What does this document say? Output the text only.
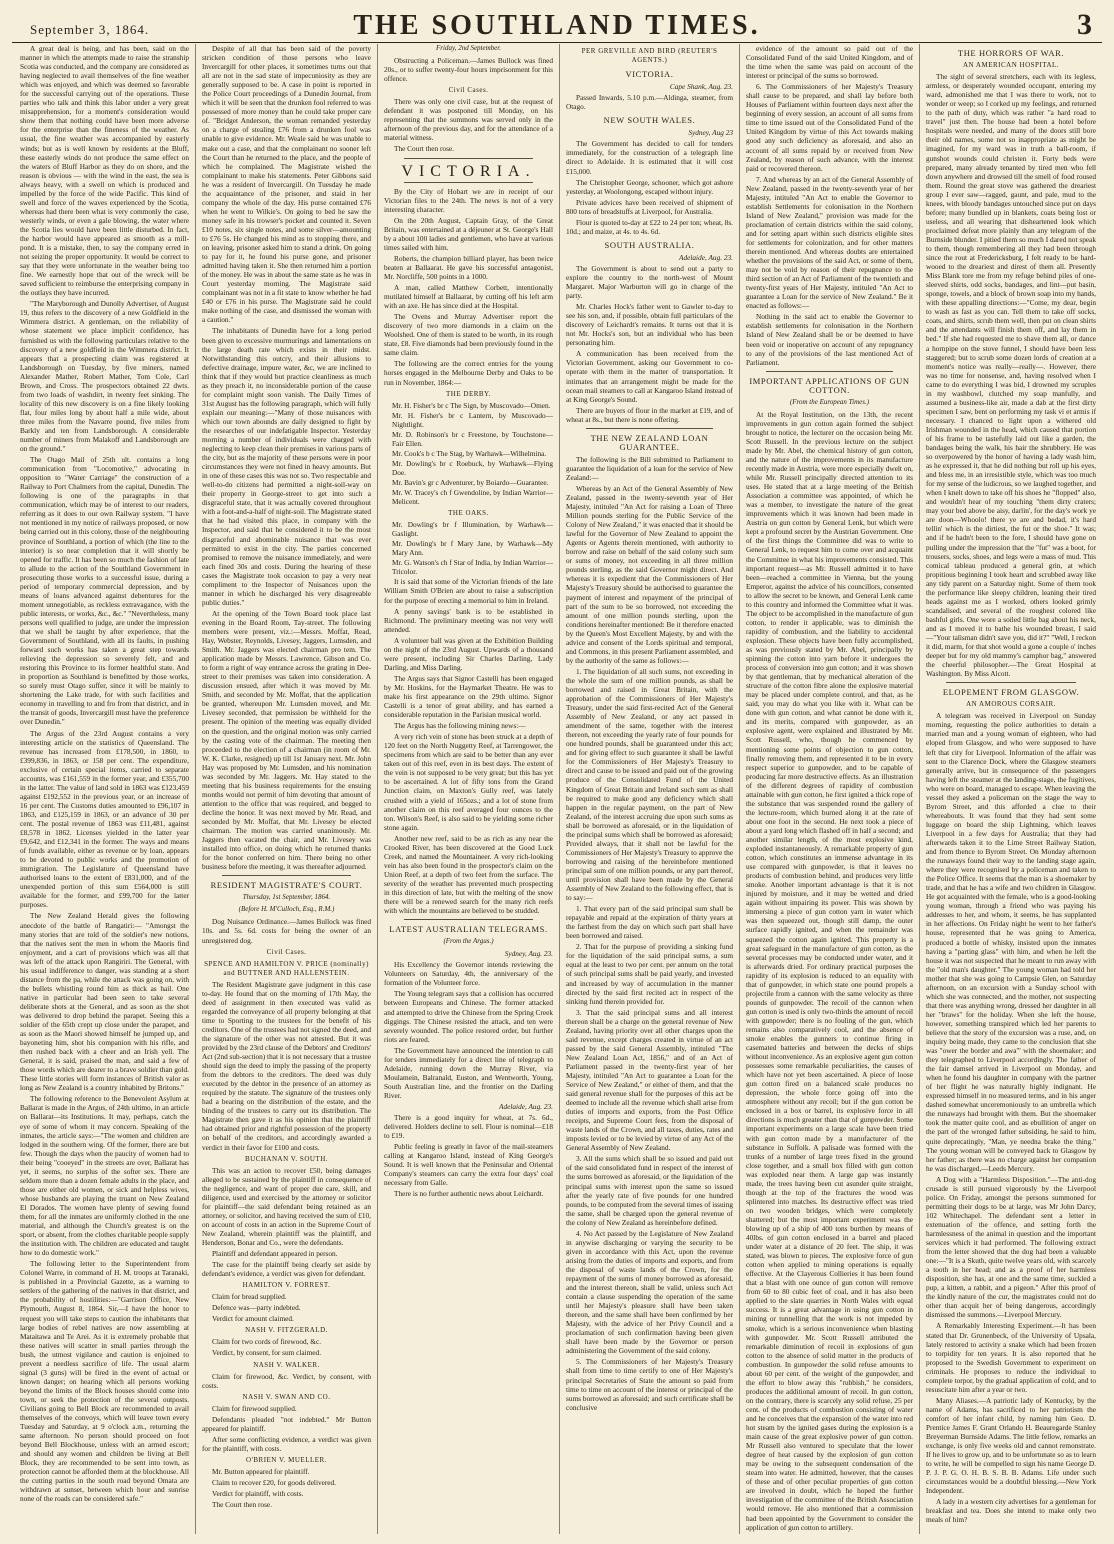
September 3, 1864.	THE SOUTHLAND TIMES.	3

A great deal is being, and has been, said on the manner in which the attempts made to raise the stranship Scotia was conducted, and the company are considered as having neglected to avail themselves of the fine weather which was enjoyed, and which was deemed so favorable for the successful carrying out of the operations. These parties who talk and think this labor under a very great misapprehension, for a moment's consideration would show them that nothing could have been more adverse for the enterprise than the fineness of the weather. As usual, the fine weather was accompanied by easterly winds; but as is well known by residents at the Bluff, these easterly winds do not produce the same effect on the waters of Bluff Harbor as they do on shore, and the reason is obvious — with the wind in the east, the sea is always heavy, with a swell on which is produced and impelled by the force of the wide Pacific. This kind of swell and force of the waves experienced by the Scotia, whereas had there been what is very commonly the case, westerly winds, or even a gale blowing, the water where the Scotia lies would have been little disturbed. In fact, the harbor would have appeared as smooth as a mill-pond. It is a mistake, then, to say the company erred in not seizing the proper opportunity. It would be correct to say that they were unfortunate in the weather being too fine. We earnestly hope that out of the wreck will be saved sufficient to reimburse the enterprising company in the outlays they have incurred.

"The Maryborough and Dunolly Advertiser, of August 19, thus refers to the discovery of a new Goldfield in the Wimmera district. A gentleman, on the reliability of whose statement we place implicit confidence, has furnished us with the following particulars relative to the discovery of a new goldfield in the Wimmera district. It appears that a prospecting claim was registered at Landsborough on Tuesday, by five miners, named Alexander Mather, Robert Mather, Tom Cole, Carl Brown, and Cross. The prospectors obtained 22 dwts. from two loads of washdirt, in twenty feet sinking. The locality of this new discovery is on a fine likely looking flat, four miles long by about half a mile wide, about three miles from the Navarre pound, five miles from Barkly and ten from Landsborough. A considerable number of miners from Malakoff and Landsborough are on the ground."

The Otago Mail of 25th ult. contains a long communication from "Locomotive," advocating in opposition to "Water Carriage" the construction of a Railway to Port Chalmers from the capital, Dunedin. The following is one of the paragraphs in that communication, which may be of interest to our readers, referring as it does to our own Railway system. "I have not mentioned in my notice of railways proposed, or now being carried out in this colony, those of the neighbouring province of Southland, a portion of which (the line to the interior) is so near completion that it will shortly be opened for traffic. It has been so much the fashion of late to allude to the action of the Southland Government in prosecuting those works to a successful issue, during a period of temporary commercial depression, and by means of loans advanced against debentures for the moment unnegotiable, as reckless extravagance, with the public interests, or works, &c., &c." "Nevertheless, many persons well qualified to judge, are under the impression that we shall be taught by after experience, that the Government of Southland, with all its faults, in pushing forward such works has taken a great step towards relieving the depression so severely felt, and and restoring this Province to its former healthful state. And in proportion as Southland is benefitted by those works, so surely must Otago suffer, since it will be mainly to shortening the Lake trade, for with such facilities and economy in travelling to and fro from that district, and in the transit of goods, Invercargill must have the preference over Dunedin."

The Argus of the 23rd August contains a very interesting article on the statistics of Queensland. The revenue has increased from £178,500, in 1860, to £399,836, in 1863, or 158 per cent. The expenditure, exclusive of certain special items, carried to separate accounts, was £161,559 in the former year, and £355,700 in the latter. The value of land sold in 1863 was £123,459 against £192,552 in the previous year, or an increase of 16 per cent. The Customs duties amounted to £96,107 in 1863, and £125,159 in 1863, or an advance of 30 per cent. The postal revenue of 1863 was £11,481, against £8,578 in 1862. Licenses yielded in the latter year £9,642, and £12,341 in the former. The ways and means of funds available, either as revenue or by loan, appears to be devoted to public works and the promotion of immigration. The Legislature of Queensland have authorised loans to the extent of £831,000, and of the unexpended portion of this sum £564,000 is still available for the former, and £99,700 for the latter purposes.

The New Zealand Herald gives the following anecdote of the battle of Rangatiri:— "Amongst the many stories that are told of the soldier's new notions, that the natives sent the men in whom the Maoris find enjoyment, and a cart of provisions which was all that was left of the attack upon Rangiriri. The General, with his usual indifference to danger, was standing at a short distance from the pa, while the attack was going on, with the bullets whistling round him as thick as hail. One native in particular had been seen to take several deliberate shots at the General, and as soon as the shot was delivered to drop behind the parapet. Seeing this a soldier of the 65th crept up close under the parapet, and as soon as the Maori showed himself he jumped up, and bayoneting him, shot his companion with his rifle, and then rushed back with a cheer and an Irish yell. The General, it is said, praised the man, and said a few of those words which are dearer to a brave soldier than gold. These little stories will form instances of British valor as long as New Zealand is a country inhabited by Britons."

The following reference to the Benevolent Asylum at Ballarat is made in the Argus, of 24th ultimo, in an article on Ballarat—its Institutions. It may, perhaps, catch the eye of some of whom it may concern. Speaking of the inmates, the article says:—"The women and children are lodged in the southern wing. Of the former, there are but few. Though the days when the paucity of women had to their being "cooeyed" in the streets are over, Ballarat has yet, it seems, no surplus of the softer sex. There are seldom more than a dozen female adults in the place, and those are either old women, or sick and helpless wives, whose husbands are playing the truant on New Zealand El Dorados. The women have plenty of sewing found them, for all the inmates are uniformly clothed in the one material, and although the Church's greatest is on the sport, or absent, from the clothes charitable people supply the institution with. The children are educated and taught how to do domestic work."

The following letter to the Superintendent from Colonel Warre, in command of H. M. troops at Taranaki, is published in a Provincial Gazette, as a warning to settlers of the gathering of the natives in that district, and the probability of hostilities:—"Garrison Office, New Plymouth, August 8, 1864. Sir,—I have the honor to request you will take steps to caution the inhabitants that large bodies of rebel natives are now assembling at Mataitawa and Te Arei. As it is extremely probable that these natives will scatter in small parties through the bush, the utmost vigilance and caution is enjoined to prevent a needless sacrifice of life. The usual alarm signal (3 guns) will be fired in the event of actual or known danger; on hearing which all persons working beyond the limits of the Block houses should come into town, or seek the protection of the several outposts. Civilians going to Bell Block are recommended to avail themselves of the convoys, which will leave town every Tuesday and Saturday, at 9 o'clock a.m., returning the same afternoon. No person should proceed on foot beyond Bell Blockhouse, unless with an armed escort; and should any women and children be living at Bell Block, they are recommended to be sent into town, as protection cannot be afforded them at the blockhouse. All the cutting parties in the south road beyond Omata are withdrawn at sunset, between which hour and sunrise none of the roads can be considered safe."

Despite of all that has been said of the poverty stricken condition of those persons who leave Invercargill for other places, it sometimes turns out that all are not in the sad state of impecuniosity as they are generally supposed to be. A case in point is reported in the Police Court proceedings of a Dunedin Journal, from which it will be seen that the drunken fool referred to was possessed of more money than he could take proper care of. "Bridget Anderson, the woman remanded yesterday on a charge of stealing £76 from a drunken fool was unable to give evidence. Mr. Weale said he was unable to make out a case, and that the complainant no sooner left the Court than he returned to the place, and the people of which he complained. The Magistrate wished the complainant to make his statements. Peter Gibbons said he was a resident of Invercargill. On Tuesday he made the acquaintance of the prisoner, and staid in her company the whole of the day. His purse contained £76 when he went to Wilkie's. On going to bed he saw the money safe in his trowser's pocket and counted it. Seven £10 notes, six single notes, and some silver—amounting to £76 5s. He changed his mind as to stopping there, and on leaving, prisoner asked him to stand a drink. On going to pay for it, he found his purse gone, and prisoner admitted having taken it. She then returned him a portion of the money. He was in about the same state as he was in Court yesterday morning. The Magistrate said complainant was not in a fit state to know whether he had £40 or £76 in his purse. The Magistrate said he could make nothing of the case, and dismissed the woman with a caution."

The inhabitants of Dunedin have for a long period been given to excessive murmurings and lamentations on the large death rate which exists in their midst. Notwithstanding this outcry, and their allusions to defective drainage, impure water, &c, we are inclined to think that if they would but practice cleanliness as much as they preach it, no inconsiderable portion of the cause for complaint might soon vanish. The Daily Times of 31st August has the following paragraph, which will fully explain our meaning:—"Many of those nuisances with which our town abounds are daily designed to fight by the researches of our indefatigable Inspector. Yesterday morning a number of individuals were charged with neglecting to keep clean their premises in various parts of the city, but as the majority of these persons were in poor circumstances they were not fined in heavy amounts. But in one of these cases this was not so. Two respectable and well-to-do citizens had permitted a night-soil-way on their property in George-street to get into such a disgraceful state, that it was actually covered throughout with a foot-and-a-half of night-soil. The Magistrate stated that he had visited this place, in company with the Inspector, and said that he considered it to be the most disgraceful and abominable nuisance that was ever permitted to exist in the city. The parties concerned promised to remove the nuisance immediately, and were each fined 30s and costs. During the hearing of these cases the Magistrate took occasion to pay a very neat compliment to the Inspector of Nuisances upon the manner in which he discharged his very disagreeable public duties."

At the opening of the Town Board took place last evening in the Board Room, Tay-street. The following members were present, viz.:—Messrs. Moffat, Read, Hay, Webster, Reynolds, Livesey, Jaggers, Lumsden, and Smith. Mr. Jaggers was elected chairman pro tem. The application made by Messrs. Lawrence, Gibson and Co. to form a right of way entrance across the grating in Dee-street to their premises was taken into consideration. A discussion ensued, after which it was moved by Mr. Smith, and seconded by Mr. Moffat, that the application be granted, whereupon Mr. Lumsden moved, and Mr. Livesey seconded, that permission be withheld for the present. The opinion of the meeting was equally divided on the question, and the original motion was only carried by the casting vote of the chairman. The meeting then proceeded to the election of a chairman (in room of Mr. W. K. Clarke, resigned) up till 1st January next. Mr. John Hay was proposed by Mr. Lumsden, and his nomination was seconded by Mr. Jaggers. Mr. Hay stated to the meeting that his business requirements for the ensuing months would not permit of him devoting that amount of attention to the office that was required, and begged to decline the honor. It was next moved by Mr. Read, and seconded by Mr. Moffat, that Mr. Livesey be elected chairman. The motion was carried unanimously. Mr. Jaggers then vacated the chair, and Mr. Livesey was installed into office, on doing which he returned thanks for the honor conferred on him. There being no other business before the meeting, it was thereafter adjourned.

RESIDENT MAGISTRATE'S COURT.
Thursday, 1st September, 1864.
(Before H. M'Culloch, Esq., R.M.)

Dog Nuisance Ordinance.—James Bullock was fined 10s. and 5s. 6d. costs for being the owner of an unregistered dog.

Civil Cases.
SPENCE AND HAMILTON V. PRICE (nominally) and BUTTNER AND HALLENSTEIN.

The Resident Magistrate gave judgment in this case to-day. He found that on the morning of 17th May, the deed of assignment in then executed was valid as regarded the conveyance of all property belonging at that time to Sporting to the trustees for the benefit of his creditors. One of the trustees had not signed the deed, and the signature of the other was not attested. But it was provided by the 23rd clause of the Debtors' and Creditors' Act (2nd sub-section) that it is not necessary that a trustee should sign the deed to imply the passing of the property from the debtors to the creditors. The deed was duly executed by the debtor in the presence of an attorney as required by the statute. The signature of the trustees only had a bearing on the distribution of the estate, and the binding of the trustees to carry out its distribution. The Magistrate then gave it as his opinion that the plaintiff had obtained prior and rightful possession of the property on behalf of the creditors, and accordingly awarded a verdict in their favor for £100 and costs.

BUCHANAN V. SOUTH.

This was an action to recover £50, being damages alleged to be sustained by the plaintiff in consequence of the negligence, and want of proper due care, skill, and diligence, used and exercised by the attorney or solicitor for plaintiff—the said defendant being retained as an attorney, or solicitor, and having received the sum of £10, on account of costs in an action in the Supreme Court of New Zealand, wherein plaintiff was the plaintiff, and Henderson, Bonar and Co., were the defendants.

Plaintiff and defendant appeared in person.

The case for the plaintiff being clearly set aside by defendant's evidence, a verdict was given for defendant.

HAMILTON V. FORREST.

Claim for bread supplied.

Defence was—party indebted.

Verdict for amount claimed.

NASH V. FITZGERALD.

Claim for two cords of firewood, &c.

Verdict, by consent, for sum claimed.

NASH V. WALKER.

Claim for firewood, &c. Verdict, by consent, with costs.

NASH V. SWAN AND CO.

Claim for firewood supplied.

Defendants pleaded "not indebted." Mr Button appeared for plaintiff.

After some conflicting evidence, a verdict was given for the plaintiff, with costs.

O'BRIEN V. MUELLER.

Mr. Button appeared for plaintiff.

Claim to recover £20, for goods delivered.

Verdict for plaintiff, with costs.

The Court then rose.

Friday, 2nd September.

Obstructing a Policeman.—James Bullock was fined 20s., or to suffer twenty-four hours imprisonment for this offence.

Civil Cases.

There was only one civil case, but at the request of defendant it was postponed till Monday, on his representing that the summons was served only in the afternoon of the previous day, and for the attendance of a material witness.

The Court then rose.

VICTORIA.

By the City of Hobart we are in receipt of our Victorian files to the 24th. The news is not of a very interesting character.

On the 20th August, Captain Gray, of the Great Britain, was entertained at a déjeuner at St. George's Hall by a about 100 ladies and gentlemen, who have at various times sailed with him.

Roberts, the champion billiard player, has been twice beaten at Ballaarat. He gave his successful antagonist, Mr. Norcliffe, 500 points in a 1000.

A man, called Matthew Corbett, intentionally mutilated himself at Ballaarat, by cutting off his left arm with an axe. He has since died at the Hospital.

The Ovens and Murray Advertiser report the discovery of two more diamonds in a claim on the Woolshed. One of them is stated to be worth, in its rough state, £8. Five diamonds had been previously found in the same claim.

The following are the correct entries for the young horses engaged in the Melbourne Derby and Oaks to be run in November, 1864:—

THE DERBY.

Mr. H. Fisher's br c The Sign, by Muscovado—Omen.

Mr. H. Fisher's br c Lantern, by Muscovado—Nightlight.

Mr. D. Robinson's br c Freestone, by Touchstone—Fair Ellen.

Mr. Cook's b c The Stag, by Warhawk—Wilhelmina.

Mr. Dowling's br c Roebuck, by Warhawk—Flying Doe.

Mr. Bavin's gr c Adventurer, by Boiardo—Guarantee.

Mr. W. Tracey's ch f Gwendoline, by Indian Warrior—Melicent.

THE OAKS.

Mr. Dowling's br f Illumination, by Warhawk—Gaslight.

Mr. Dowling's br f Mary Jane, by Warhawk—My Mary Ann.

Mr. G. Watson's ch f Star of India, by Indian Warrior—Tricolor.

It is said that some of the Victorian friends of the late William Smith O'Brien are about to raise a subscription for the purpose of erecting a memorial to him in Ireland.

A penny savings' bank is to be established in Richmond. The preliminary meeting was not very well attended.

A volunteer ball was given at the Exhibition Building on the night of the 23rd August. Upwards of a thousand were present, including Sir Charles Darling, Lady Darling, and Miss Darling.

The Argus says that Signor Castelli has been engaged by Mr. Hoskins, for the Haymarket Theatre. He was to make his first appearance on the 29th ultimo. Signor Castelli is a tenor of great ability, and has earned a considerable reputation in the Parisian musical world.

The Argus has the following mining news:—

A very rich vein of stone has been struck at a depth of 120 feet on the North Nuggetty Reef, at Tarrengower, the specimens from which are said to be better than any ever taken out of this reef, even in its best days. The extent of the vein is not supposed to be very great; but this has yet to be ascertained. A lot of fifty tons from the Grand Junction claim, on Maxton's Gully reef, was lately crushed with a yield of 165ozs.; and a lot of stone from another claim on this reef averaged four ounces to the ton. Wilson's Reef, is also said to be yielding some richer stone again.

Another new reef, said to be as rich as any near the Crooked River, has been discovered at the Good Luck Creek, and named the Mountaineer. A very rich-looking vein has also been found in the prospector's claim on the Union Reef, at a depth of two feet from the surface. The severity of the weather has prevented much prospecting in this direction of late, but with the melting of the snow there will be a renewed search for the many rich reefs with which the mountains are believed to be studded.

LATEST AUSTRALIAN TELEGRAMS.
(From the Argus.)
Sydney, Aug. 23.

His Excellency the Governor intends reviewing the Volunteers on Saturday, 4th, the anniversary of the formation of the Volunteer force.

The Young telegram says that a collision has occurred between Europeans and Chinese. The former attacked and attempted to drive the Chinese from the Spring Creek diggings. The Chinese resisted the attack, and ten were severely wounded. The police restored order, but further riots are feared.

The Government have announced the intention to call for tenders immediately for a direct line of telegraph to Adelaide, running down the Murray River, via Moulamein, Balranald, Euston, and Wentworth, Young, South Australian line, and the frontier on the Darling River.

Adelaide, Aug. 23.

There is a good inquiry for wheat, at 7s. 6d., delivered. Holders decline to sell. Flour is nominal—£18 to £19.

Public feeling is greatly in favor of the mail-steamers calling at Kangaroo Island, instead of King George's Sound. It is well known that the Peninsular and Oriental Company's steamers can carry the extra four days' coal necessary from Galle.

There is no further authentic news about Leichardt.

PER GREVILLE AND BIRD (REUTER'S AGENTS.)
VICTORIA.
Cape Shank, Aug. 23.

Passed Inwards, 5.10 p.m.—Aldinga, steamer, from Otago.

NEW SOUTH WALES.
Sydney, Aug 23

The Government has decided to call for tenders immediately, for the construction of a telegraph line direct to Adelaide. It is estimated that it will cost £15,000.

The Christopher George, schooner, which got ashore yesterday, at Woolongong, escaped without injury.

Private advices have been received of shipment of 800 tons of breadstuffs at Liverpool, for Australia.

Flour is quoted to-day at £22 to 24 per ton; wheat, 8s. 10d.; and maize, at 4s. to 4s. 6d.

SOUTH AUSTRALIA.
Adelaide, Aug. 23.

The Government is about to send out a party to explore the country to the north-west of Mount Margaret. Major Warburton will go in charge of the party.

Mr. Charles Hock's father went to Gawler to-day to see his son, and, if possible, obtain full particulars of the discovery of Leichardt's remains. It turns out that it is not Mr. Hocks's son, but an individual who has been personating him.

A communication has been received from the Victorian Government, asking our Government to co-operate with them in the matter of transportation. It intimates that an arrangement might be made for the ocean mail steamers to call at Kangaroo Island instead of at King George's Sound.

There are buyers of flour in the market at £19, and of wheat at 8s., but there is none offering.

THE NEW ZEALAND LOAN GUARANTEE.

The following is the Bill submitted to Parliament to guarantee the liquidation of a loan for the service of New Zealand:—

Whereas by an Act of the General Assembly of New Zealand, passed in the twenty-seventh year of Her Majesty, intituled "An Act for raising a Loan of Three Million pounds sterling for the Public Service of the Colony of New Zealand," it was enacted that it should be lawful for the Governor of New Zealand to appoint the Agents or Agents therein mentioned, with authority to borrow and raise on behalf of the said colony such sum or sums of money, not exceeding in all three million pounds sterling, as the said Governor might direct. And whereas it is expedient that the Commissioners of Her Majesty's Treasury should be authorised to guarantee the payment of interest and repayment of the principal of part of the sum to be so borrowed, not exceeding the amount of one million pounds sterling, upon the conditions hereinafter mentioned: Be it therefore enacted by the Queen's Most Excellent Majesty, by and with the advice and consent of the Lords spiritual and temporal, and Commons, in this present Parliament assembled, and by the authority of the same as follows:—

1. The liquidation of all such sums, not exceeding in the whole the sum of one million pounds, as shall be borrowed and raised in Great Britain, with the approbation of the Commissioners of Her Majesty's Treasury, under the said first-recited Act of the General Assembly of New Zealand, or any act passed in amendment of the same, together with the interest thereon, not exceeding the yearly rate of four pounds for one hundred pounds, shall be guaranteed under this act; and for giving effect to such guarantee it shall be lawful for the Commissioners of Her Majesty's Treasury to direct and cause to be issued and paid out of the growing produce of the Consolidated Fund of the United Kingdom of Great Britain and Ireland such sum as shall be required to make good any deficiency which shall happen in the regular payment, on the part of New Zealand, of the interest accruing due upon such sums as shall be borrowed as aforesaid, or in the liquidation of the principal sums which shall be borrowed as aforesaid; Provided always, that it shall not be lawful for the Commissioners of Her Majesty's Treasury to approve the borrowing and raising of the hereinbefore mentioned principal sum of one million pounds, or any part thereof, until provision shall have been made by the General Assembly of New Zealand to the following effect, that is to say:—

1. That every part of the said principal sum shall be repayable and repaid at the expiration of thirty years at the farthest from the day on which such part shall have been borrowed and raised.

2. That for the purpose of providing a sinking fund for the liquidation of the said principal sums, a sum equal at the least to two per cent. per annum on the total of such principal sums shall be paid yearly, and invested and increased by way of accumulation in the manner directed by the said first recited act in respect of the sinking fund therein provided for.

3. That the said principal sums and all interest thereon shall be a charge on the general revenue of New Zealand, having priority over all other charges upon the said revenue, except charges created in virtue of an act passed by the said General Assembly, intituled "The New Zealand Loan Act, 1856," and of an Act of Parliament passed in the twenty-first year of her Majesty, intituled "An Act to guarantee a Loan for the Service of New Zealand," or either of them, and that the said general revenue shall for the purposes of this act be deemed to include all the revenue which shall arise from duties of imports and exports, from the Post Office receipts, and Supreme Court fees, from the disposal of waste lands of the Crown, and all taxes, duties, rates and imposts levied or to be levied by virtue of any Act of the General Assembly of New Zealand.

3. All the sums which shall be so issued and paid out of the said consolidated fund in respect of the interest of the sums borrowed as aforesaid, or the liquidation of the principal sums with interest upon the same so issued after the yearly rate of five pounds for one hundred pounds, to be computed from the several times of issuing the same, shall be charged upon the general revenue of the colony of New Zealand as hereinbefore defined.

4. No Act passed by the Legislature of New Zealand in anywise discharging or varying the security to be given in accordance with this Act, upon the revenue arising from the duties of imports and exports, and from the disposal of waste lands of the Crown, for the repayment of the sums of money borrowed as aforesaid, and the interest thereon, shall be valid, unless such Act contain a clause suspending the operation of the same until her Majesty's pleasure shall have been taken thereon, and the same shall have been confirmed by her Majesty, with the advice of her Privy Council and a proclamation of such confirmation having been given shall have been made by the Governor or person administering the Government of the said colony.

5. The Commissioners of her Majesty's Treasury shall from time to time certify to one of Her Majesty's principal Secretaries of State the amount so paid from time to time on account of the interest or principal of the sums borrowed as aforesaid; and such certificate shall be conclusive

evidence of the amount so paid out of the Consolidated Fund of the said United Kingdom, and of the time when the same was paid on account of the interest or principal of the sums so borrowed.

6. The Commissioners of her Majesty's Treasury shall cause to be prepared, and shall lay before both Houses of Parliament within fourteen days next after the beginning of every session, an account of all sums from time to time issued out of the Consolidated Fund of the United Kingdom by virtue of this Act towards making good any such deficiency as aforesaid, and also an account of all sums repaid by or received from New Zealand, by reason of such advance, with the interest paid or recovered thereon.

7. And whereas by an act of the General Assembly of New Zealand, passed in the twenty-seventh year of her Majesty, intituled "An Act to enable the Governor to establish Settlements for colonisation in the Northern Island of New Zealand," provision was made for the proclamation of certain districts within the said colony, and for setting apart within such districts eligible sites for settlements for colonization, and for other matters therein mentioned. And whereas doubts are entertained whether the provisions of the said Act, or some of them, may not be void by reason of their repugnance to the third section of an Act of Parliament of the twentieth and twenty-first years of Her Majesty, intituled "An Act to guarantee a Loan for the service of New Zealand." Be it enacted as follows:—

Nothing in the said act to enable the Governor to establish settlements for colonisation in the Northern Island of New Zealand shall be or be deemed to have been void or inoperative on account of any repugnancy to any of the provisions of the last mentioned Act of Parliament.

IMPORTANT APPLICATIONS OF GUN COTTON.
(From the European Times.)

At the Royal Institution, on the 13th, the recent improvements in gun cotton again formed the subject brought to notice, the lecturer on the occasion being Mr. Scott Russell. In the previous lecture on the subject made by Mr. Abel, the chemical history of gun cotton, and the nature of the improvements in its manufacture recently made in Austria, were more especially dwelt on, while Mr. Russell principally directed attention to its uses. He stated that at a large meeting of the British Association a committee was appointed, of which he was a member, to investigate the nature of the great improvements which it was known had been made in Austria on gun cotton by General Lenk, but which were kept a profound secret by the Austrian Government. One of the first things the Committee did was to write to General Lenk, to request him to come over and acquaint the Committee in what his improvements consisted. This important request—as Mr. Russell admitted it to have been—reached a committee in Vienna, but the young Emperor, against the advice of his councillors, consented to allow the secret to be known, and General Lenk came to this country and informed the Committee what it was. The object to be accomplished in the manufacture of gun cotton, to render it applicable, was to diminish the rapidity of combustion, and the liability to accidental explosion. These objects have been fully accomplished, as was previously stated by Mr. Abel, principally by spinning the cotton into yarn before it undergoes the process of conversion into gun cotton; and it was shown by that gentleman, that by mechanical alteration of the structure of the cotton fibre alone the explosive material may be placed under complete control, and that, as he said, you may do what you like with it. What can be done with gun cotton, and what cannot be done with it, and its merits, compared with gunpowder, as an explosive agent, were explained and illustrated by Mr. Scott Russell, who, though he commenced by mentioning some points of objection to gun cotton, finally removing them, and represented it to be in every respect superior to gunpowder, and to be capable of producing far more destructive effects. As an illustration of the different degrees of rapidity of combustion attainable with gun cotton, he first ignited a thick rope of the substance that was suspended round the gallery of the lecture-room, which burned along it at the rate of about one foot in the second. He next took a piece of about a yard long which flashed off in half a second; and another similar length, of the most explosive kind, exploded instantaneously. A remarkable property of gun cotton, which constitutes an immense advantage in its use compared with gunpowder, is that it leaves no products of combustion behind, and produces very little smoke. Another important advantage is that it is not injured by moisture, and it may be wetted and dried again without impairing its power. This was shown by immersing a piece of gun cotton yarn in water which was then squeezed out, though still damp, the outer surface rapidly ignited, and when the remainder was squeezed the cotton again ignited. This property is a great safeguard in the manufacture of gun cotton, as the several processes may be conducted under water, and it is afterwards dried. For ordinary practical purposes the rapidity of its explosion is reduced to an equality with that of gunpowder, in which state one pound propels a projectile from a cannon with the same velocity as three pounds of gunpowder. The recoil of the cannon when gun cotton is used is only two-thirds the amount of recoil with gunpowder; there is no fouling of the gun, which remains also comparatively cool, and the absence of smoke enables the gunners to continue firing in casemated batteries and between the decks of ships without inconvenience. As an explosive agent gun cotton possesses some remarkable peculiarities, the causes of which have not yet been ascertained. A piece of loose gun cotton fired on a balanced scale produces no depression, the whole force going off into the atmosphere without any recoil; but if the gun cotton be enclosed in a box or barrel, its explosive force in all directions is much greater than that of gunpowder. Some important experiments on a large scale have been tried with gun cotton made by a manufacturer of the substance in Suffolk. A palisade was formed with the trunks of a number of large trees fixed in the ground close together, and a small box filled with gun cotton was exploded near them. A large gap was instantly made, the trees having been cut asunder quite straight, though at the top of the fractures the wood was splintered into matches. Its destructive effect was tried on two wooden bridges, which were completely shattered; but the most important experiment was the blowing up of a ship of 400 tons burthen by means of 40lbs. of gun cotton enclosed in a barrel and placed under water at a distance of 20 feet. The ship, it was stated, was blown to pieces. The explosive force of gun cotton when applied to mining operations is equally effective. At the Clayerous Collieries it has been found that a blast with one ounce of gun cotton will remove from 60 to 80 cubic feet of coal, and it has also been applied to the slate quarries in North Wales with equal success. It is a great advantage in using gun cotton in mining or tunnelling that the work is not impeded by smoke, which is a serious inconvenience when blasting with gunpowder. Mr. Scott Russell attributed the remarkable diminution of recoil in explosions of gun cotton to the absence of solid matter in the products of combustion. In gunpowder the solid refuse amounts to about 60 per cent. of the weight of the gunpowder, and the effort to blow away this "rubbish," he considers, produces the additional amount of recoil. In gun cotton, on the contrary, there is scarcely any solid refuse, 25 per cent. of the products of combustion consisting of water and he conceives that the expansion of the water into red hot steam by the ignited gases during the explosion is a main cause of the great explosive power of gun cotton. Mr Russell also ventured to speculate that the lower degree of heat caused by the explosion of gun cotton may be owing to the subsequent condensation of the steam into water. He admitted, however, that the causes of these and of other peculiar properties of gun cotton are involved in doubt, which he hoped the further investigation of the committee of the British Association would remove. He also mentioned that a commission had been appointed by the Government to consider the application of gun cotton to artillery.

THE HORRORS OF WAR.
AN AMERICAN HOSPITAL.

The sight of several stretchers, each with its legless, armless, or desperately wounded occupant, entering my ward, admonished me that I was there to work, not to wonder or weep; so I corked up my feelings, and returned to the path of duty, which was rather "a hard road to travel" just then. The house had been a hotel before hospitals were needed, and many of the doors still bore their old names, some not so inappropriate as might be imagined, for my ward was in truth a ball-room, if gunshot wounds could christen it. Forty beds were prepared, many already tenanted by tired men who fell down anywhere and drowsed till the smell of food roused them. Round the great stove was gathered the dreariest group I ever saw—ragged, gaunt, and pale, mud to the knees, with bloody bandages untouched since put on days before; many bundled up in blankets, coats being lost or useless, and all wearing that disheartened look which proclaimed defeat more plainly than any telegram of the Burnside blunder. I pitied them so much I dared not speak to them, though remembering all they had been through since the rout at Fredericksburg, I felt ready to be hard-wooed to the dreariest and direst of them all. Presently Miss Blank tore me from my refuge behind piles of one-sleeved shirts, odd socks, bandages, and lint—put basin, sponge, towels, and a block of brown soap into my hands, with these appalling directions:—"Come, my dear, begin to wash as fast as you can. Tell them to take off socks, coats, and shirts, scrub them well, then put on clean shirts and the attendants will finish them off, and lay them in bed." If she had requested me to shave them all, or dance a hornpipe on the stove funnel, I should have been less staggered; but to scrub some dozen lords of creation at a moment's notice was really—really—. However, there was no time for nonsense, and, having resolved when I came to do everything I was bid, I drowned my scruples in my washbowl, clutched my soap manfully, and assumed a business-like air, made a dab at the first dirty specimen I saw, bent on performing my task vi et armis if necessary. I chanced to light upon a withered old Irishman wounded in the head, which caused that portion of his frame to be tastefully laid out like a garden, the bandages being the walk, his hair the shrubbery. He was so overpowered by the honor of having a lady wash him, as he expressed it, that he did nothing but roll up his eyes, and bless me, in an irresistible style, which was too much for my sense of the ludicrous, so we laughed together, and when I knelt down to take off his shoes he "flopped" also, and wouldn't hear of my touching "them dirty craters; may your bed above be aisy, darlin', for the day's work ye are doon—Whoolo! there ye are and bedad, it's hard tellin' which is the dirtiest, the fut or the shoe." It was; and if he hadn't been to the fore, I should have gone on pulling under the impression that the "fut" was a boot, for trousers, socks, shoes, and legs were a mass of mud. This comical tableau produced a general grin, at which propitious beginning I took heart and scrubbed away like any tidy parent on a Saturday night. Some of them took the performance like sleepy children, leaning their tired heads against me as I worked, others looked grimly scandalised, and several of the roughest colored like bashful girls. One wore a soiled little bag about his neck, and as I moved it to bathe his wounded breast, I said—"Your talisman didn't save you, did it?" "Well, I reckon it did, marm, for that shot would a gone a couple o' inches deeper but for my old mammy's camphor bag," answered the cheerful philosopher.—The Great Hospital at Washington. By Miss Alcott.

ELOPEMENT FROM GLASGOW.
AN AMOROUS CORSAIR.

A telegram was received in Liverpool on Sunday morning, requesting the police authorities to detain a married man and a young woman of eighteen, who had eloped from Glasgow, and who were supposed to have left that city for Liverpool. Information of the affair was sent to the Clarence Dock, where the Glasgow steamers generally arrive, but in consequence of the passengers having left the steamer at the landing-stage, the fugitives, who were on board, managed to escape. When leaving the vessel they asked a policeman on the stage the way to Byrom Street, and this afforded a clue to their whereabouts. It was found that they had sent some luggage on board the ship Lightning, which leaves Liverpool in a few days for Australia; that they had afterwards taken it to the Lime Street Railway Station, and from thence to Byrom Street. On Monday afternoon the runaways found their way to the landing stage again, where they were recognised by a policeman and taken to the Police Office. It seems that the man is a shoemaker by trade, and that he has a wife and two children in Glasgow. He got acquainted with the female, who is a good-looking young woman, through a friend who was paying his addresses to her, and whom, it seems, he has supplanted in her affections. On Friday night he went to her father's house, represented that he was going to America, produced a bottle of whisky, insisted upon the inmates having a "parting glass" with him, and when he left the house it was not suspected that he meant to run away with the "old man's daughter." The young woman had told her mother that she was going to Campsie Glen, on Saturday afternoon, on an excursion with a Sunday school with which she was connected, and the mother, not suspecting that there was anything wrong, dressed her daughter in all her "braws" for the holiday. When she left the house, however, something transpired which led her parents to believe that the story of the excursion was a ruse, and, on inquiry being made, they came to the conclusion that she was "ower the border and awa'" with the shoemaker; and they telegraphed to Liverpool accordingly. The father of the fair damsel arrived in Liverpool on Monday, and when he found his daughter in company with the partner of her flight he was naturally highly indignant. He expressed himself in no measured terms, and in his anger dashed somewhat unceremoniously to an umbrella which the runaways had brought with them. But the shoemaker took the matter quite cool, and as ebullition of anger on the part of the wronged father subsiding, he said to him, quite deprecatingly, "Man, ye needna brake the thing." The young woman will be conveyed back to Glasgow by her father; as there was no charge against her companion he was discharged,—Leeds Mercury.

A Dog with a "Harmless Disposition."—The anti-dog crusade is still pursued vigorously by the Liverpool police. On Friday, amongst the persons summoned for permitting their dogs to be at large, was Mr John Darcy, 102 Whitechapel. The defendant sent a letter in extenuation of the offence, and setting forth the harmlessness of the animal in question and the important services which it had performed. The following extract from the letter showed that the dog had been a valuable one:—"It is a Skuth, quite twelve years old, with scarcely a tooth in her head; and as a proof of her harmless disposition, she has, at one and the same time, suckled a pup, a kitten, a rabbit, and a pigeon." After this proof of the kindly nature of the cur, the magistrates could not do other than acquit her of being dangerous, accordingly dismissed the summons.—Liverpool Mercury.

A Remarkably Interesting Experiment.—It has been stated that Dr. Grunenbeck, of the University of Upsala, lately restored to activity a snake which had been frozen to torpidity for ten years. It is also reported that he proposed to the Swedish Government to experiment on criminals. He proposes to reduce the individual to complete torpor, by the gradual application of cold, and to resuscitate him after a year or two.

Many Aliases.—A patriotic lady of Kentucky, by the name of Adams, has sacrificed to her patriotism the comfort of her infant child, by naming him Geo. D. Prentice James F. Grant Orlando H. Beauregarde Stanley Breyerman Burnside Adams. The little fellow, remarks an exchange, is only five weeks old and cannot remonstrate. If he lives to grow up, and to be unfortunate so as to learn to write, he will be compelled to sign his name George D. P. J. P. G. O. H. B. S. B. B. Adams. Life under such circumstances would be a doubtful blessing.—New York Independent.

A lady in a western city advertises for a gentleman for breakfast and tea. Does she intend to make only two meals of him?
